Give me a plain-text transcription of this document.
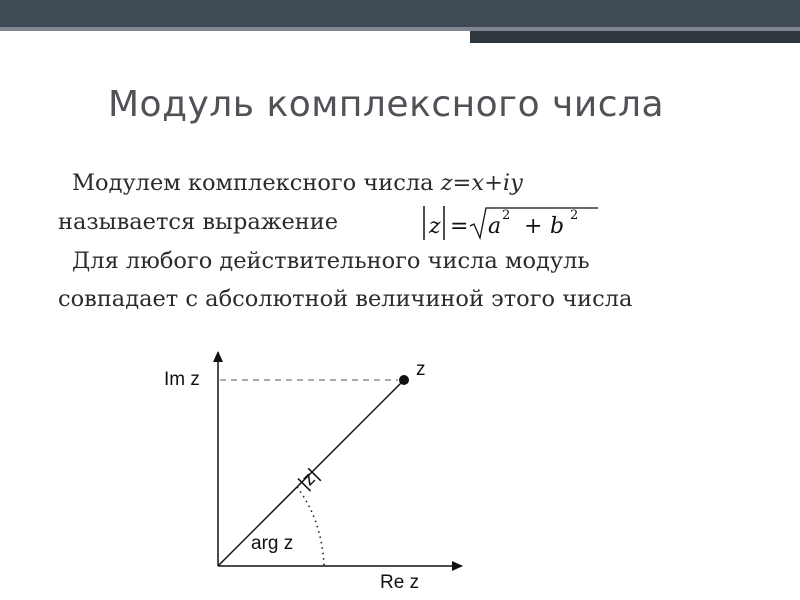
Модуль комплексного числа
Модулем комплексного числа z=x+iy
называется выражение	z = a 2 + b 2
Для любого действительного числа модуль
совпадает с абсолютной величиной этого числа
Im z
Re z
z
arg z
|z|
